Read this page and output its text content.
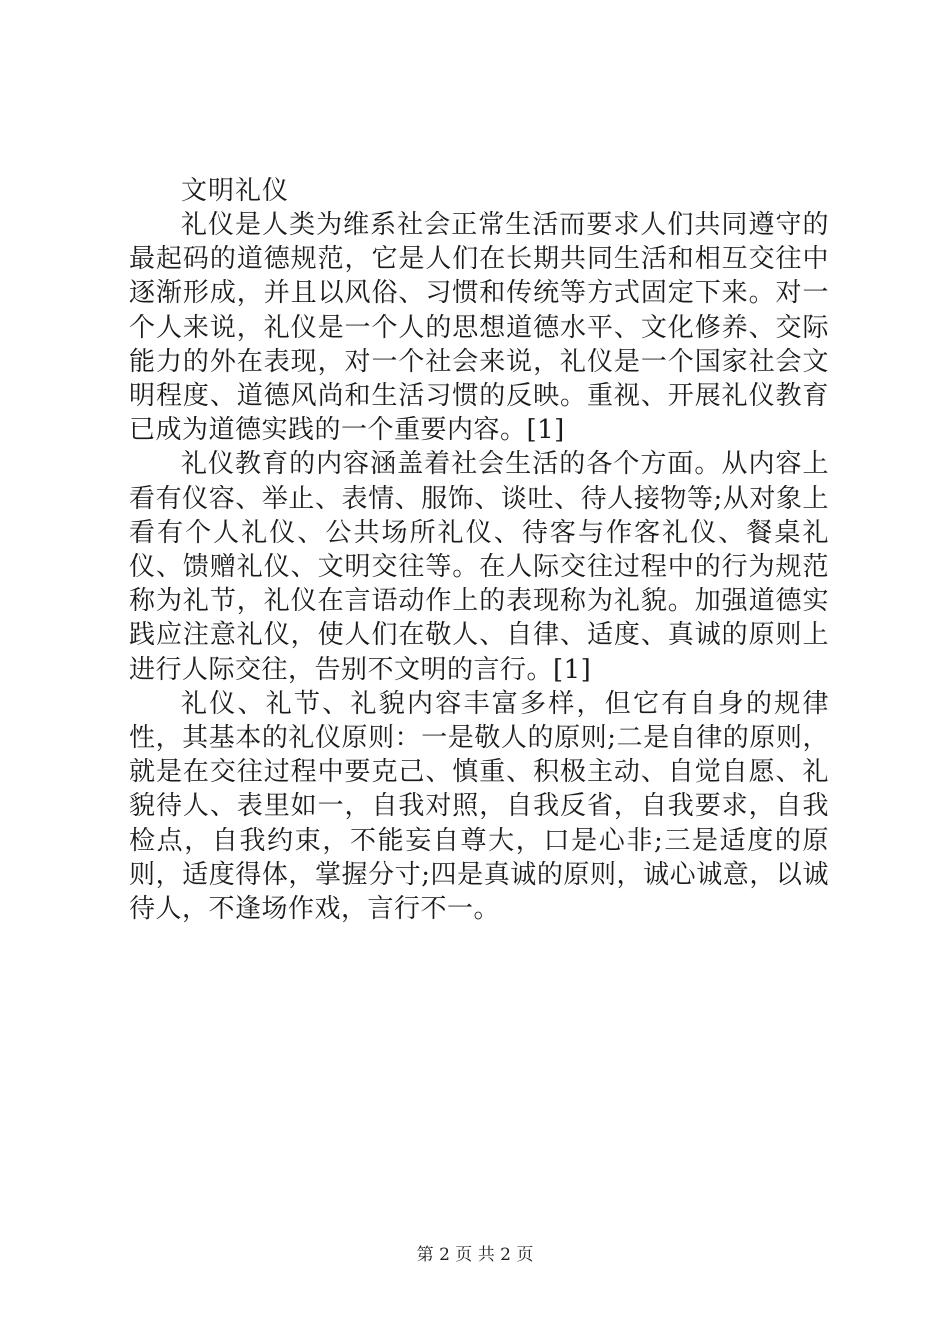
文明礼仪

礼仪是人类为维系社会正常生活而要求人们共同遵守的最起码的道德规范，它是人们在长期共同生活和相互交往中逐渐形成，并且以风俗、习惯和传统等方式固定下来。对一个人来说，礼仪是一个人的思想道德水平、文化修养、交际能力的外在表现，对一个社会来说，礼仪是一个国家社会文明程度、道德风尚和生活习惯的反映。重视、开展礼仪教育已成为道德实践的一个重要内容。[1]

礼仪教育的内容涵盖着社会生活的各个方面。从内容上看有仪容、举止、表情、服饰、谈吐、待人接物等;从对象上看有个人礼仪、公共场所礼仪、待客与作客礼仪、餐桌礼仪、馈赠礼仪、文明交往等。在人际交往过程中的行为规范称为礼节，礼仪在言语动作上的表现称为礼貌。加强道德实践应注意礼仪，使人们在敬人、自律、适度、真诚的原则上进行人际交往，告别不文明的言行。[1]

礼仪、礼节、礼貌内容丰富多样，但它有自身的规律性，其基本的礼仪原则：一是敬人的原则;二是自律的原则，就是在交往过程中要克己、慎重、积极主动、自觉自愿、礼貌待人、表里如一，自我对照，自我反省，自我要求，自我检点，自我约束，不能妄自尊大，口是心非;三是适度的原则，适度得体，掌握分寸;四是真诚的原则，诚心诚意，以诚待人，不逢场作戏，言行不一。

第 2 页 共 2 页
